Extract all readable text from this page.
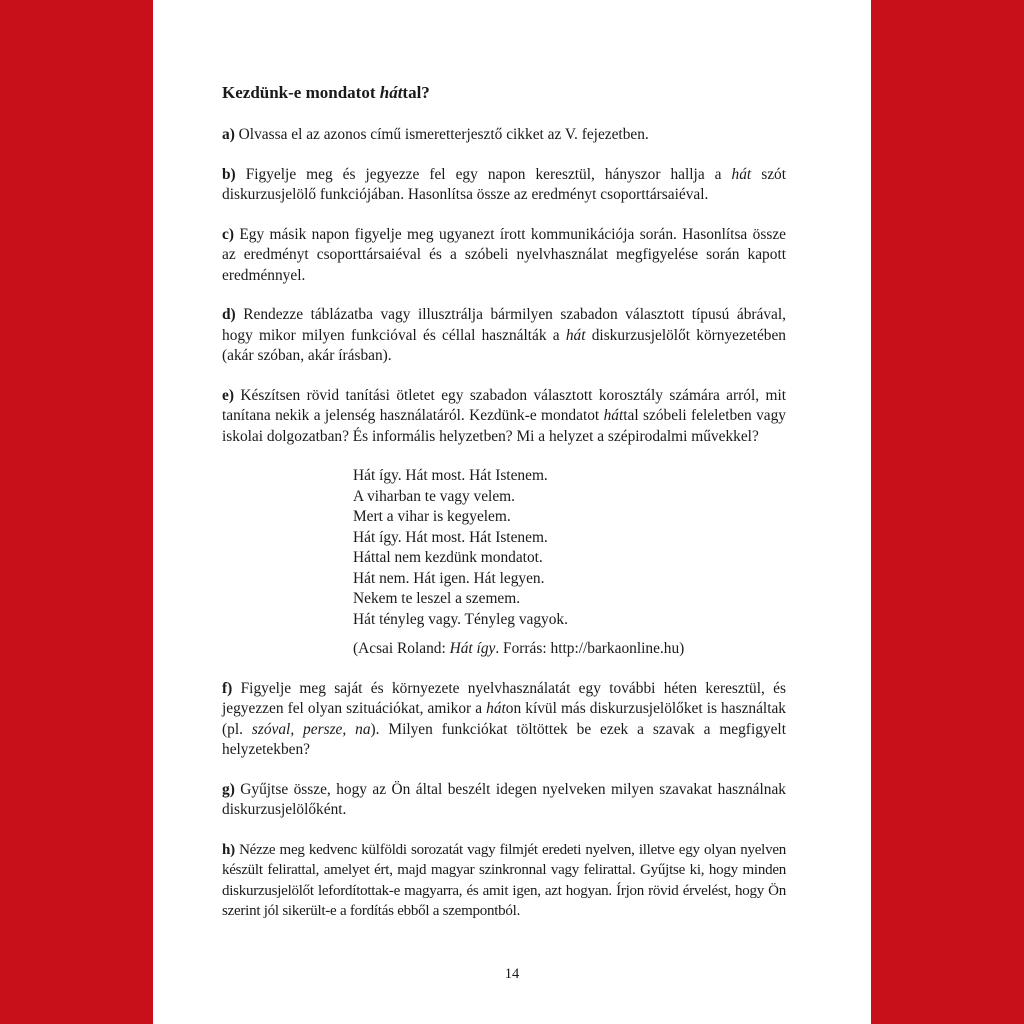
Kezdünk-e mondatot háttal?

a) Olvassa el az azonos című ismeretterjesztő cikket az V. fejezetben.

b) Figyelje meg és jegyezze fel egy napon keresztül, hányszor hallja a hát szót diskurzusjelölő funkciójában. Hasonlítsa össze az eredményt csoporttársaiéval.

c) Egy másik napon figyelje meg ugyanezt írott kommunikációja során. Hasonlítsa össze az eredményt csoporttársaiéval és a szóbeli nyelvhasználat megfigyelése során kapott eredménnyel.

d) Rendezze táblázatba vagy illusztrálja bármilyen szabadon választott típusú ábrával, hogy mikor milyen funkcióval és céllal használták a hát diskurzusjelölőt környezetében (akár szóban, akár írásban).

e) Készítsen rövid tanítási ötletet egy szabadon választott korosztály számára arról, mit tanítana nekik a jelenség használatáról. Kezdünk-e mondatot háttal szóbeli feleletben vagy iskolai dolgozatban? És informális helyzetben? Mi a helyzet a szépirodalmi művekkel?

Hát így. Hát most. Hát Istenem.
A viharban te vagy velem.
Mert a vihar is kegyelem.
Hát így. Hát most. Hát Istenem.
Háttal nem kezdünk mondatot.
Hát nem. Hát igen. Hát legyen.
Nekem te leszel a szemem.
Hát tényleg vagy. Tényleg vagyok.
(Acsai Roland: Hát így. Forrás: http://barkaonline.hu)

f) Figyelje meg saját és környezete nyelvhasználatát egy további héten keresztül, és jegyezzen fel olyan szituációkat, amikor a háton kívül más diskurzusjelölőket is használtak (pl. szóval, persze, na). Milyen funkciókat töltöttek be ezek a szavak a megfigyelt helyzetekben?

g) Gyűjtse össze, hogy az Ön által beszélt idegen nyelveken milyen szavakat használnak diskurzusjelölőként.

h) Nézze meg kedvenc külföldi sorozatát vagy filmjét eredeti nyelven, illetve egy olyan nyelven készült felirattal, amelyet ért, majd magyar szinkronnal vagy felirattal. Gyűjtse ki, hogy minden diskurzusjelölőt lefordítottak-e magyarra, és amit igen, azt hogyan. Írjon rövid érvelést, hogy Ön szerint jól sikerült-e a fordítás ebből a szempontból.

14
